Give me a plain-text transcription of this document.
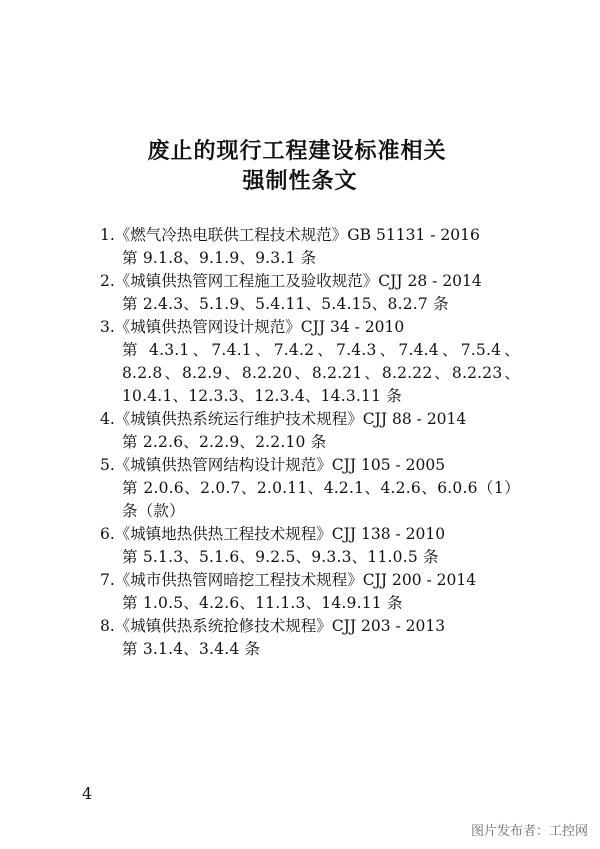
废止的现行工程建设标准相关
强制性条文
1.《燃气冷热电联供工程技术规范》GB 51131 - 2016
第 9.1.8、9.1.9、9.3.1 条
2.《城镇供热管网工程施工及验收规范》CJJ 28 - 2014
第 2.4.3、5.1.9、5.4.11、5.4.15、8.2.7 条
3.《城镇供热管网设计规范》CJJ 34 - 2010
第 4.3.1、7.4.1、7.4.2、7.4.3、7.4.4、7.5.4、8.2.8、8.2.9、8.2.20、8.2.21、8.2.22、8.2.23、10.4.1、12.3.3、12.3.4、14.3.11 条
4.《城镇供热系统运行维护技术规程》CJJ 88 - 2014
第 2.2.6、2.2.9、2.2.10 条
5.《城镇供热管网结构设计规范》CJJ 105 - 2005
第 2.0.6、2.0.7、2.0.11、4.2.1、4.2.6、6.0.6（1）条（款）
6.《城镇地热供热工程技术规程》CJJ 138 - 2010
第 5.1.3、5.1.6、9.2.5、9.3.3、11.0.5 条
7.《城市供热管网暗挖工程技术规程》CJJ 200 - 2014
第 1.0.5、4.2.6、11.1.3、14.9.11 条
8.《城镇供热系统抢修技术规程》CJJ 203 - 2013
第 3.1.4、3.4.4 条
4
图片发布者：工控网
